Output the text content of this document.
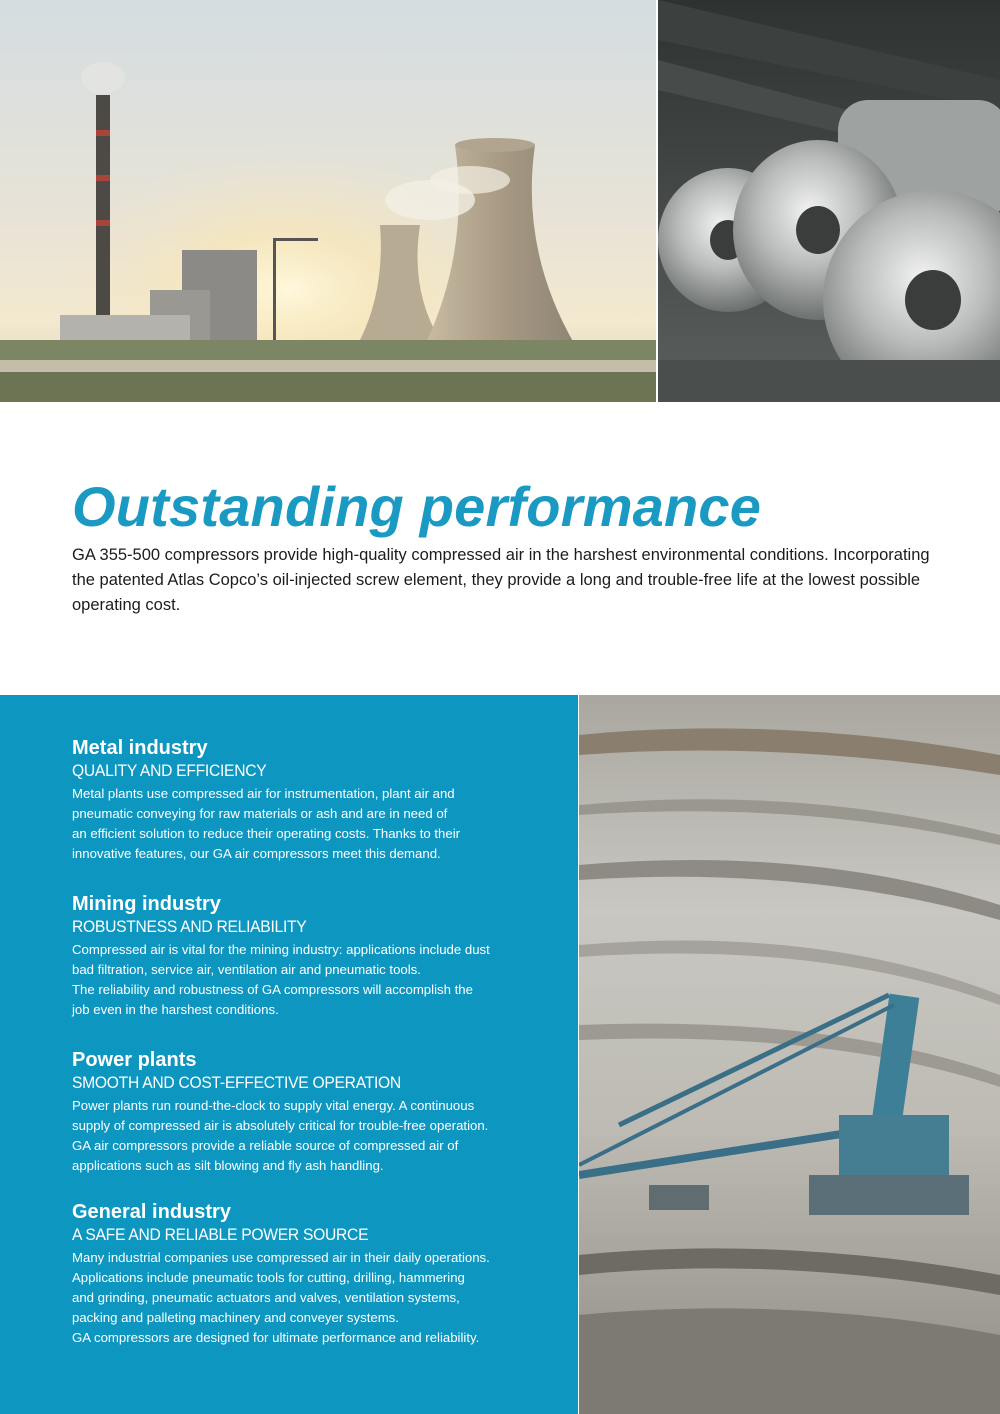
Outstanding performance

GA 355-500 compressors provide high-quality compressed air in the harshest environmental conditions. Incorporating the patented Atlas Copco’s oil-injected screw element, they provide a long and trouble-free life at the lowest possible operating cost.

Metal industry
QUALITY AND EFFICIENCY

Metal plants use compressed air for instrumentation, plant air and
pneumatic conveying for raw materials or ash and are in need of
an efficient solution to reduce their operating costs. Thanks to their
innovative features, our GA air compressors meet this demand.

Mining industry
ROBUSTNESS AND RELIABILITY

Compressed air is vital for the mining industry: applications include dust
bad filtration, service air, ventilation air and pneumatic tools.
The reliability and robustness of GA compressors will accomplish the
job even in the harshest conditions.

Power plants
SMOOTH AND COST-EFFECTIVE OPERATION

Power plants run round-the-clock to supply vital energy. A continuous
supply of compressed air is absolutely critical for trouble-free operation.
GA air compressors provide a reliable source of compressed air of
applications such as silt blowing and fly ash handling.

General industry
A SAFE AND RELIABLE POWER SOURCE

Many industrial companies use compressed air in their daily operations.
Applications include pneumatic tools for cutting, drilling, hammering
and grinding, pneumatic actuators and valves, ventilation systems,
packing and palleting machinery and conveyer systems.
GA compressors are designed for ultimate performance and reliability.
